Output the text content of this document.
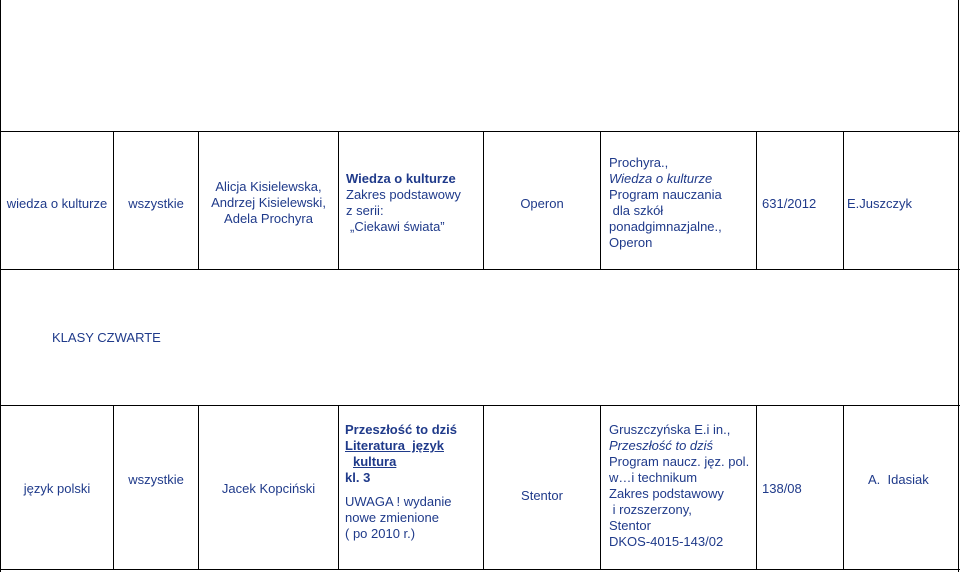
wiedza o kulturze	wszystkie
Alicja Kisielewska,
Andrzej Kisielewski,
Adela Prochyra
Wiedza o kulturze
Zakres podstawowy
z serii:
„Ciekawi świata”
Operon
Prochyra.,
Wiedza o kulturze
Program nauczania
dla szkół
ponadgimnazjalne.,
Operon
631/2012	E.Juszczyk
KLASY CZWARTE
język polski
wszystkie
Jacek Kopciński
Przeszłość to dziś
Literatura  język
kultura
kl. 3
UWAGA ! wydanie
nowe zmienione
( po 2010 r.)
Stentor
Gruszczyńska E.i in.,
Przeszłość to dziś
Program naucz. jęz. pol.
w…i technikum
Zakres podstawowy
i rozszerzony,
Stentor
DKOS-4015-143/02
138/08
A.  Idasiak
